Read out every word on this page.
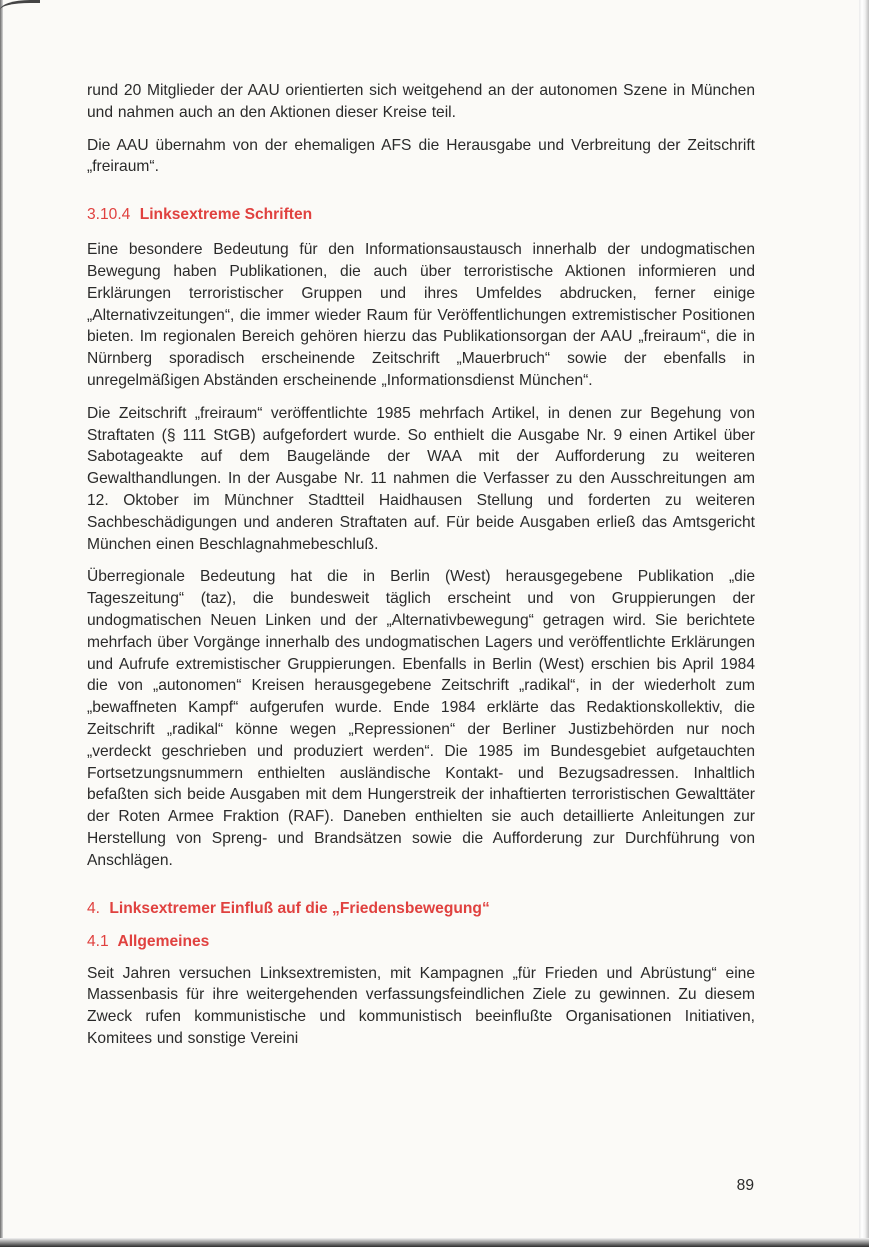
rund 20 Mitglieder der AAU orientierten sich weitgehend an der autonomen Szene in München und nahmen auch an den Aktionen dieser Kreise teil.

Die AAU übernahm von der ehemaligen AFS die Herausgabe und Verbreitung der Zeitschrift „freiraum“.

3.10.4 Linksextreme Schriften

Eine besondere Bedeutung für den Informationsaustausch innerhalb der undogmatischen Bewegung haben Publikationen, die auch über terroristische Aktionen informieren und Erklärungen terroristischer Gruppen und ihres Umfeldes abdrucken, ferner einige „Alternativzeitungen“, die immer wieder Raum für Veröffentlichungen extremistischer Positionen bieten. Im regionalen Bereich gehören hierzu das Publikationsorgan der AAU „freiraum“, die in Nürnberg sporadisch erscheinende Zeitschrift „Mauerbruch“ sowie der ebenfalls in unregelmäßigen Abständen erscheinende „Informationsdienst München“.

Die Zeitschrift „freiraum“ veröffentlichte 1985 mehrfach Artikel, in denen zur Begehung von Straftaten (§ 111 StGB) aufgefordert wurde. So enthielt die Ausgabe Nr. 9 einen Artikel über Sabotageakte auf dem Baugelände der WAA mit der Aufforderung zu weiteren Gewalthandlungen. In der Ausgabe Nr. 11 nahmen die Verfasser zu den Ausschreitungen am 12. Oktober im Münchner Stadtteil Haidhausen Stellung und forderten zu weiteren Sachbeschädigungen und anderen Straftaten auf. Für beide Ausgaben erließ das Amtsgericht München einen Beschlagnahmebeschluß.

Überregionale Bedeutung hat die in Berlin (West) herausgegebene Publikation „die Tageszeitung“ (taz), die bundesweit täglich erscheint und von Gruppierungen der undogmatischen Neuen Linken und der „Alternativbewegung“ getragen wird. Sie berichtete mehrfach über Vorgänge innerhalb des undogmatischen Lagers und veröffentlichte Erklärungen und Aufrufe extremistischer Gruppierungen. Ebenfalls in Berlin (West) erschien bis April 1984 die von „autonomen“ Kreisen herausgegebene Zeitschrift „radikal“, in der wiederholt zum „bewaffneten Kampf“ aufgerufen wurde. Ende 1984 erklärte das Redaktionskollektiv, die Zeitschrift „radikal“ könne wegen „Repressionen“ der Berliner Justizbehörden nur noch „verdeckt geschrieben und produziert werden“. Die 1985 im Bundesgebiet aufgetauchten Fortsetzungsnummern enthielten ausländische Kontakt- und Bezugsadressen. Inhaltlich befaßten sich beide Ausgaben mit dem Hungerstreik der inhaftierten terroristischen Gewalttäter der Roten Armee Fraktion (RAF). Daneben enthielten sie auch detaillierte Anleitungen zur Herstellung von Spreng- und Brandsätzen sowie die Aufforderung zur Durchführung von Anschlägen.

4. Linksextremer Einfluß auf die „Friedensbewegung“
4.1 Allgemeines

Seit Jahren versuchen Linksextremisten, mit Kampagnen „für Frieden und Abrüstung“ eine Massenbasis für ihre weitergehenden verfassungsfeindlichen Ziele zu gewinnen. Zu diesem Zweck rufen kommunistische und kommunistisch beeinflußte Organisationen Initiativen, Komitees und sonstige Vereini

89
